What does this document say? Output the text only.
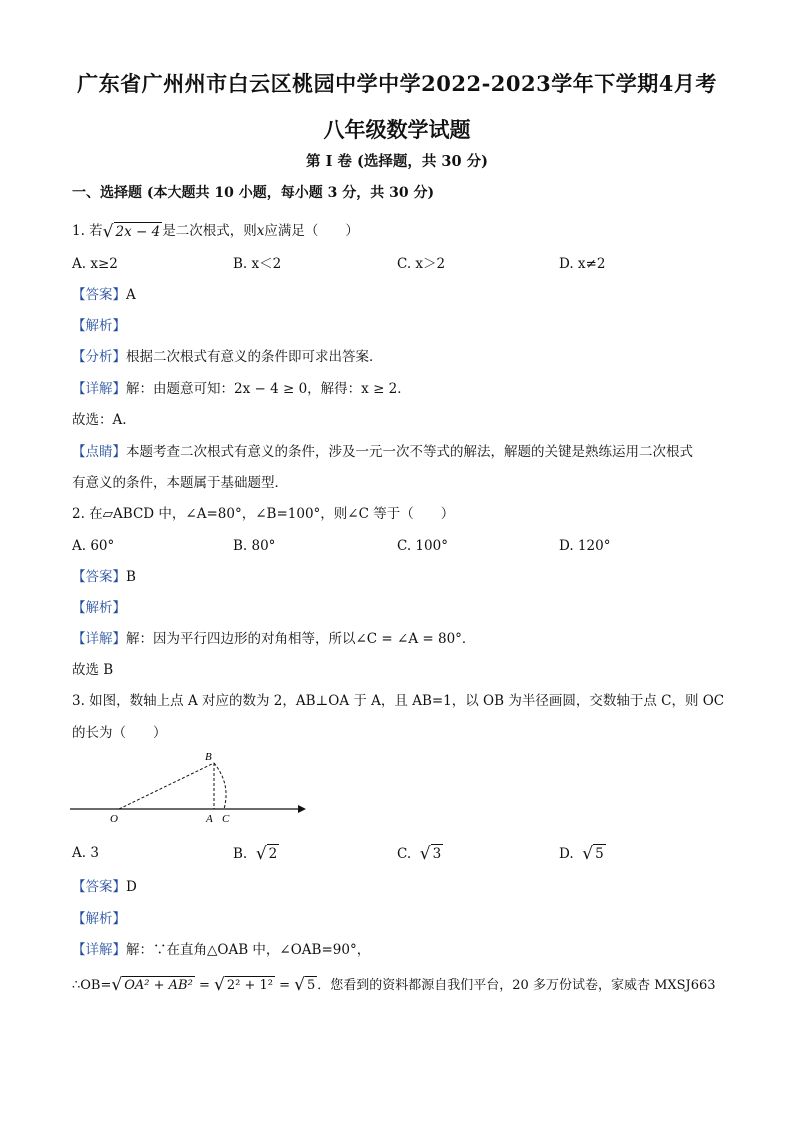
广东省广州州市白云区桃园中学中学2022-2023学年下学期4月考
八年级数学试题
第 I 卷 (选择题，共 30 分)
一、选择题 (本大题共 10 小题，每小题 3 分，共 30 分)
1. 若√ 2x − 4 是二次根式，则x应满足（　　）
A. x≥2	B. x＜2	C. x＞2	D. x≠2
【答案】A
【解析】
【分析】根据二次根式有意义的条件即可求出答案．
【详解】解：由题意可知：2x − 4 ≥ 0，解得：x ≥ 2．
故选：A.
【点睛】本题考查二次根式有意义的条件，涉及一元一次不等式的解法，解题的关键是熟练运用二次根式
有意义的条件，本题属于基础题型．
2. 在▱ABCD 中，∠A=80°，∠B=100°，则∠C 等于（　　）
A. 60°	B. 80°	C. 100°	D. 120°
【答案】B
【解析】
【详解】解：因为平行四边形的对角相等，所以∠C = ∠A = 80°．
故选 B
3. 如图，数轴上点 A 对应的数为 2，AB⊥OA 于 A，且 AB=1，以 OB 为半径画圆，交数轴于点 C，则 OC
的长为（　　）
B
O	A C
A. 3	B. √ 2	C. √ 3	D. √ 5
【答案】D
【解析】
【详解】解：∵在直角△OAB 中，∠OAB=90°，
∴OB=√ OA² + AB² = √ 2² + 1² = √ 5 ．您看到的资料都源自我们平台，20 多万份试卷，家威杏 MXSJ663
